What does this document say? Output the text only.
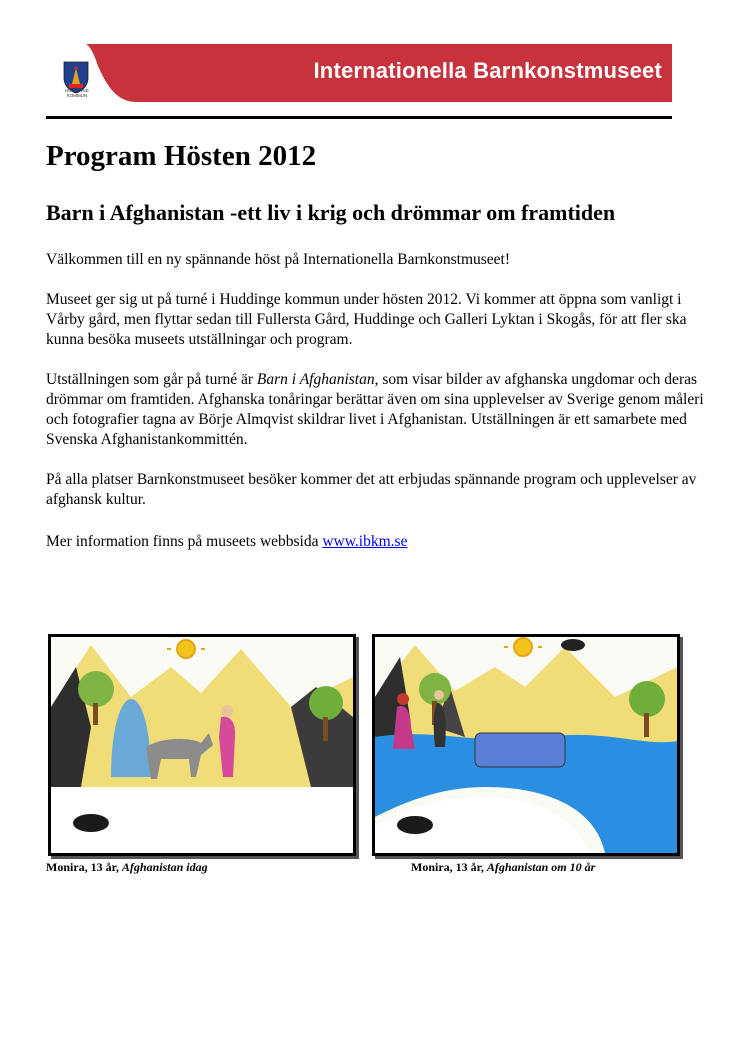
Internationella Barnkonstmuseet
HUDDINGE
KOMMUN
Program Hösten 2012
Barn i Afghanistan -ett liv i krig och drömmar om framtiden

Välkommen till en ny spännande höst på Internationella Barnkonstmuseet!

Museet ger sig ut på turné i Huddinge kommun under hösten 2012. Vi kommer att öppna som vanligt i Vårby gård, men flyttar sedan till Fullersta Gård, Huddinge och Galleri Lyktan i Skogås, för att fler ska kunna besöka museets utställningar och program.

Utställningen som går på turné är Barn i Afghanistan, som visar bilder av afghanska ungdomar och deras drömmar om framtiden. Afghanska tonåringar berättar även om sina upplevelser av Sverige genom måleri och fotografier tagna av Börje Almqvist skildrar livet i Afghanistan. Utställningen är ett samarbete med Svenska Afghanistankommittén.

På alla platser Barnkonstmuseet besöker kommer det att erbjudas spännande program och upplevelser av afghansk kultur.

Mer information finns på museets webbsida www.ibkm.se

Monira, 13 år, Afghanistan idag	Monira, 13 år, Afghanistan om 10 år
